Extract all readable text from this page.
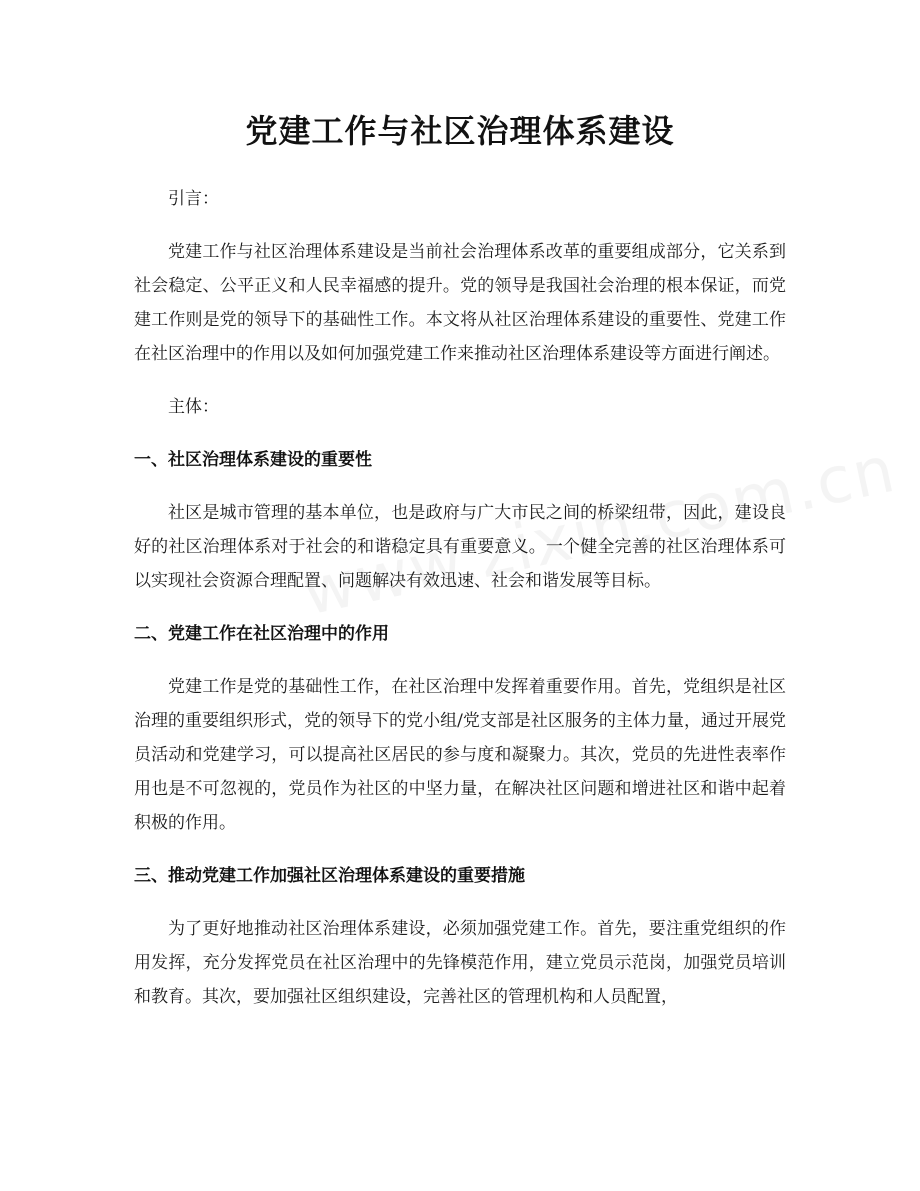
党建工作与社区治理体系建设

引言：

党建工作与社区治理体系建设是当前社会治理体系改革的重要组成部分，它关系到社会稳定、公平正义和人民幸福感的提升。党的领导是我国社会治理的根本保证，而党建工作则是党的领导下的基础性工作。本文将从社区治理体系建设的重要性、党建工作在社区治理中的作用以及如何加强党建工作来推动社区治理体系建设等方面进行阐述。

主体：

一、社区治理体系建设的重要性

社区是城市管理的基本单位，也是政府与广大市民之间的桥梁纽带，因此，建设良好的社区治理体系对于社会的和谐稳定具有重要意义。一个健全完善的社区治理体系可以实现社会资源合理配置、问题解决有效迅速、社会和谐发展等目标。

二、党建工作在社区治理中的作用

党建工作是党的基础性工作，在社区治理中发挥着重要作用。首先，党组织是社区治理的重要组织形式，党的领导下的党小组/党支部是社区服务的主体力量，通过开展党员活动和党建学习，可以提高社区居民的参与度和凝聚力。其次，党员的先进性表率作用也是不可忽视的，党员作为社区的中坚力量，在解决社区问题和增进社区和谐中起着积极的作用。

三、推动党建工作加强社区治理体系建设的重要措施

为了更好地推动社区治理体系建设，必须加强党建工作。首先，要注重党组织的作用发挥，充分发挥党员在社区治理中的先锋模范作用，建立党员示范岗，加强党员培训和教育。其次，要加强社区组织建设，完善社区的管理机构和人员配置，
